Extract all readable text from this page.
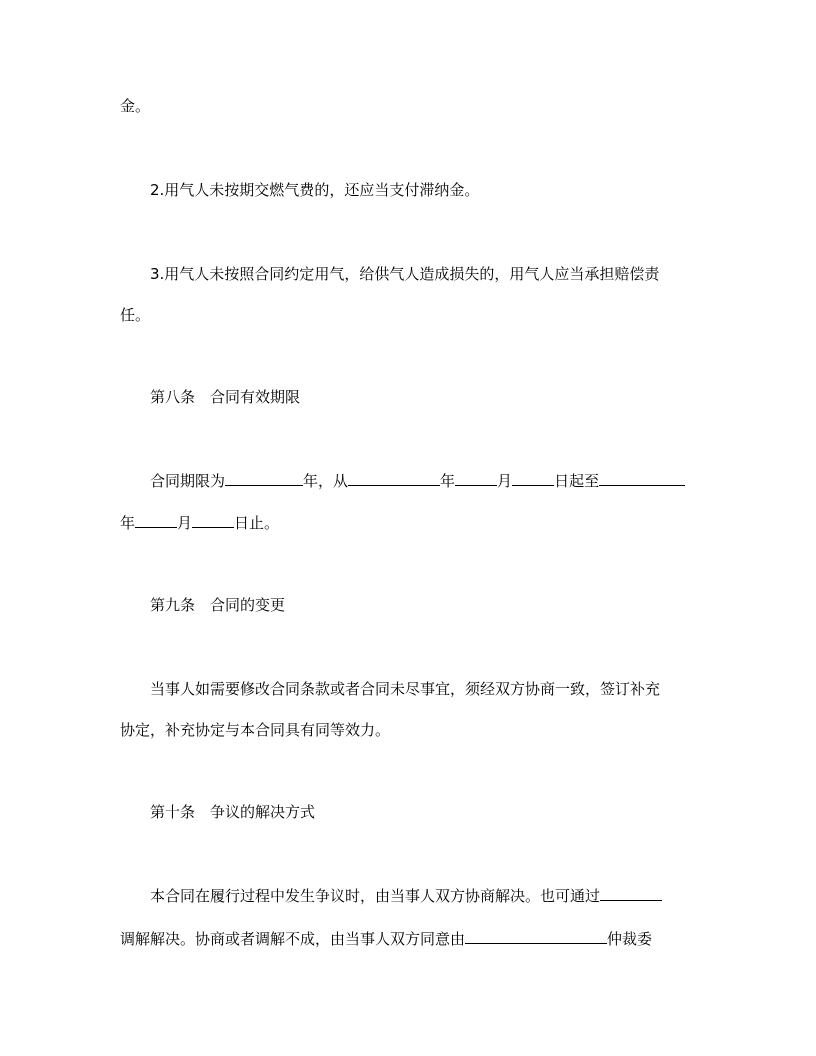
金。
2.用气人未按期交燃气费的，还应当支付滞纳金。
3.用气人未按照合同约定用气，给供气人造成损失的，用气人应当承担赔偿责
任。
第八条　合同有效期限
合同期限为	年，从	年	月	日起至
年	月	日止。
第九条　合同的变更
当事人如需要修改合同条款或者合同未尽事宜，须经双方协商一致，签订补充
协定，补充协定与本合同具有同等效力。
第十条　争议的解决方式
本合同在履行过程中发生争议时，由当事人双方协商解决。也可通过
调解解决。协商或者调解不成，由当事人双方同意由	仲裁委
